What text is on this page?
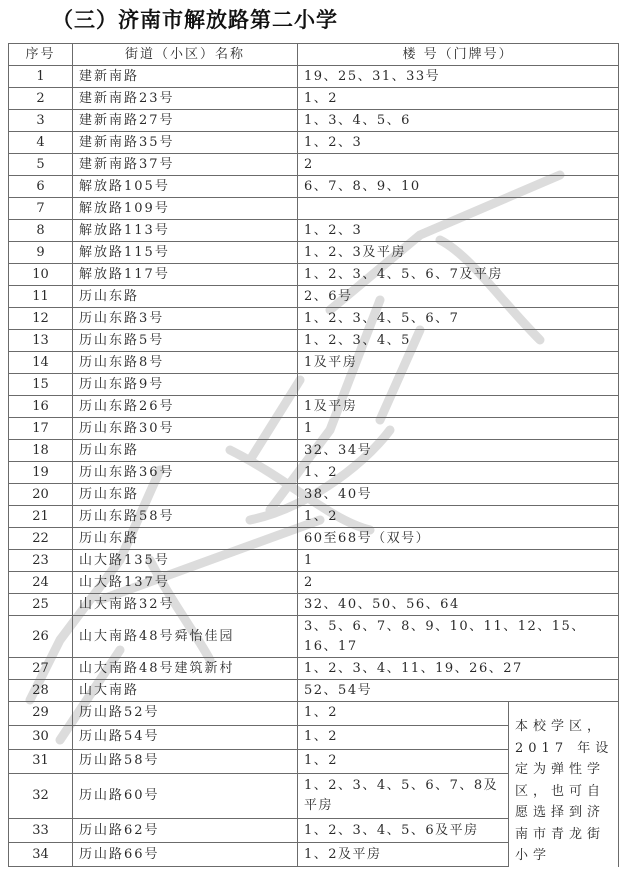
（三）济南市解放路第二小学
序号	街道（小区）名称	楼 号（门牌号）	
1	建新南路	19、25、31、33号	
2	建新南路23号	1、2	
3	建新南路27号	1、3、4、5、6	
4	建新南路35号	1、2、3	
5	建新南路37号	2	
6	解放路105号	6、7、8、9、10	
7	解放路109号		
8	解放路113号	1、2、3	
9	解放路115号	1、2、3及平房	
10	解放路117号	1、2、3、4、5、6、7及平房	
11	历山东路	2、6号	
12	历山东路3号	1、2、3、4、5、6、7	
13	历山东路5号	1、2、3、4、5	
14	历山东路8号	1及平房	
15	历山东路9号		
16	历山东路26号	1及平房	
17	历山东路30号	1	
18	历山东路	32、34号	
19	历山东路36号	1、2	
20	历山东路	38、40号	
21	历山东路58号	1、2	
22	历山东路	60至68号（双号）	
23	山大路135号	1	
24	山大路137号	2	
25	山大南路32号	32、40、50、56、64	
26	山大南路48号舜怡佳园	3、5、6、7、8、9、10、11、12、15、16、17	
27	山大南路48号建筑新村	1、2、3、4、11、19、26、27	
28	山大南路	52、54号	
29	历山路52号	1、2	本校学区，2017 年设定为弹性学区，也可自愿选择到济南市青龙街小学
30	历山路54号	1、2	
31	历山路58号	1、2	
32	历山路60号	1、2、3、4、5、6、7、8及平房	
33	历山路62号	1、2、3、4、5、6及平房	
34	历山路66号	1、2及平房	
